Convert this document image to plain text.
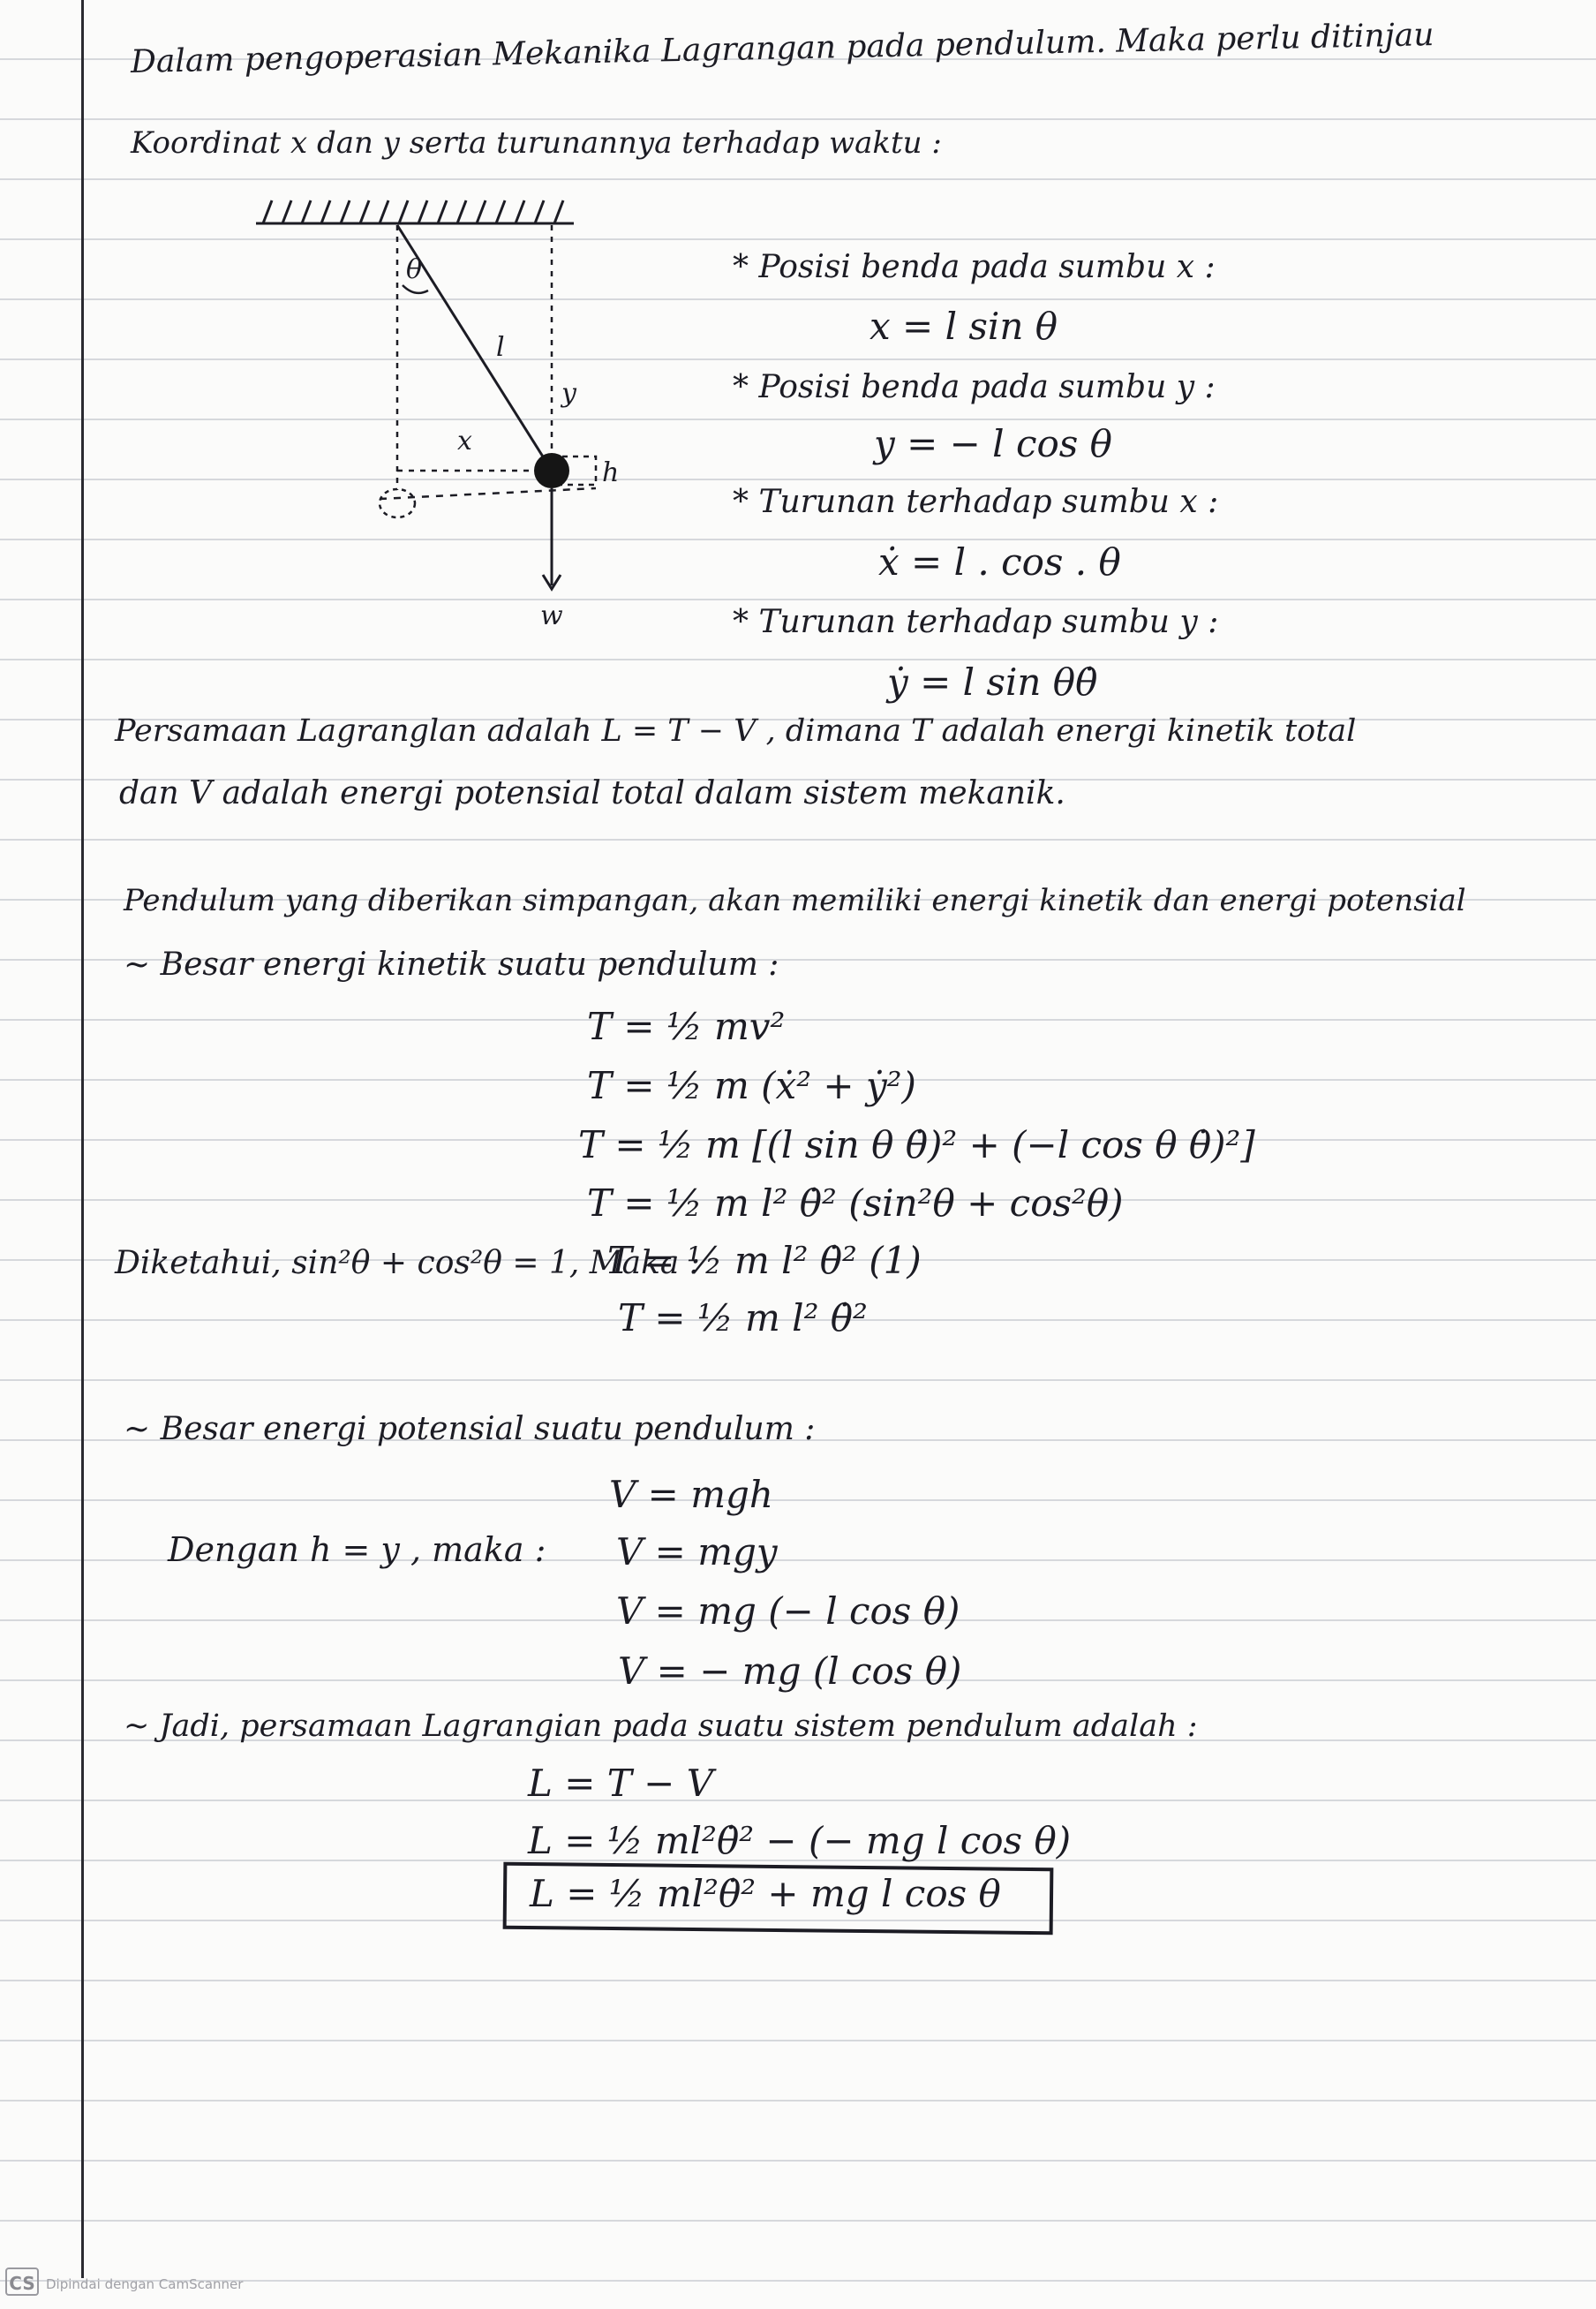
Dalam pengoperasian Mekanika Lagrangan pada pendulum. Maka perlu ditinjau
Koordinat x dan y serta turunannya terhadap waktu :
θ
l
y
x
h
w
* Posisi benda pada sumbu x :
x = l sin θ
* Posisi benda pada sumbu y :
y = − l cos θ
* Turunan terhadap sumbu x :
ẋ = l . cos . θ
* Turunan terhadap sumbu y :
ẏ = l sin θθ̇
Persamaan Lagranglan adalah L = T − V , dimana T adalah energi kinetik total
dan V adalah energi potensial total dalam sistem mekanik.
Pendulum yang diberikan simpangan, akan memiliki energi kinetik dan energi potensial
~ Besar energi kinetik suatu pendulum :
T = ½ mv²
T = ½ m (ẋ² + ẏ²)
T = ½ m [(l sin θ θ̇)² + (−l cos θ θ̇)²]
T = ½ m l² θ̇² (sin²θ + cos²θ)
Diketahui, sin²θ + cos²θ = 1, Maka :
T = ½ m l² θ̇² (1)
T = ½ m l² θ̇²
~ Besar energi potensial suatu pendulum :
V = mgh
Dengan h = y , maka : V = mgy
V = mg (− l cos θ)
V = − mg (l cos θ)
~ Jadi, persamaan Lagrangian pada suatu sistem pendulum adalah :
L = T − V
L = ½ ml²θ̇² − (− mg l cos θ)
L = ½ ml²θ̇² + mg l cos θ
CS Dipindai dengan CamScanner
